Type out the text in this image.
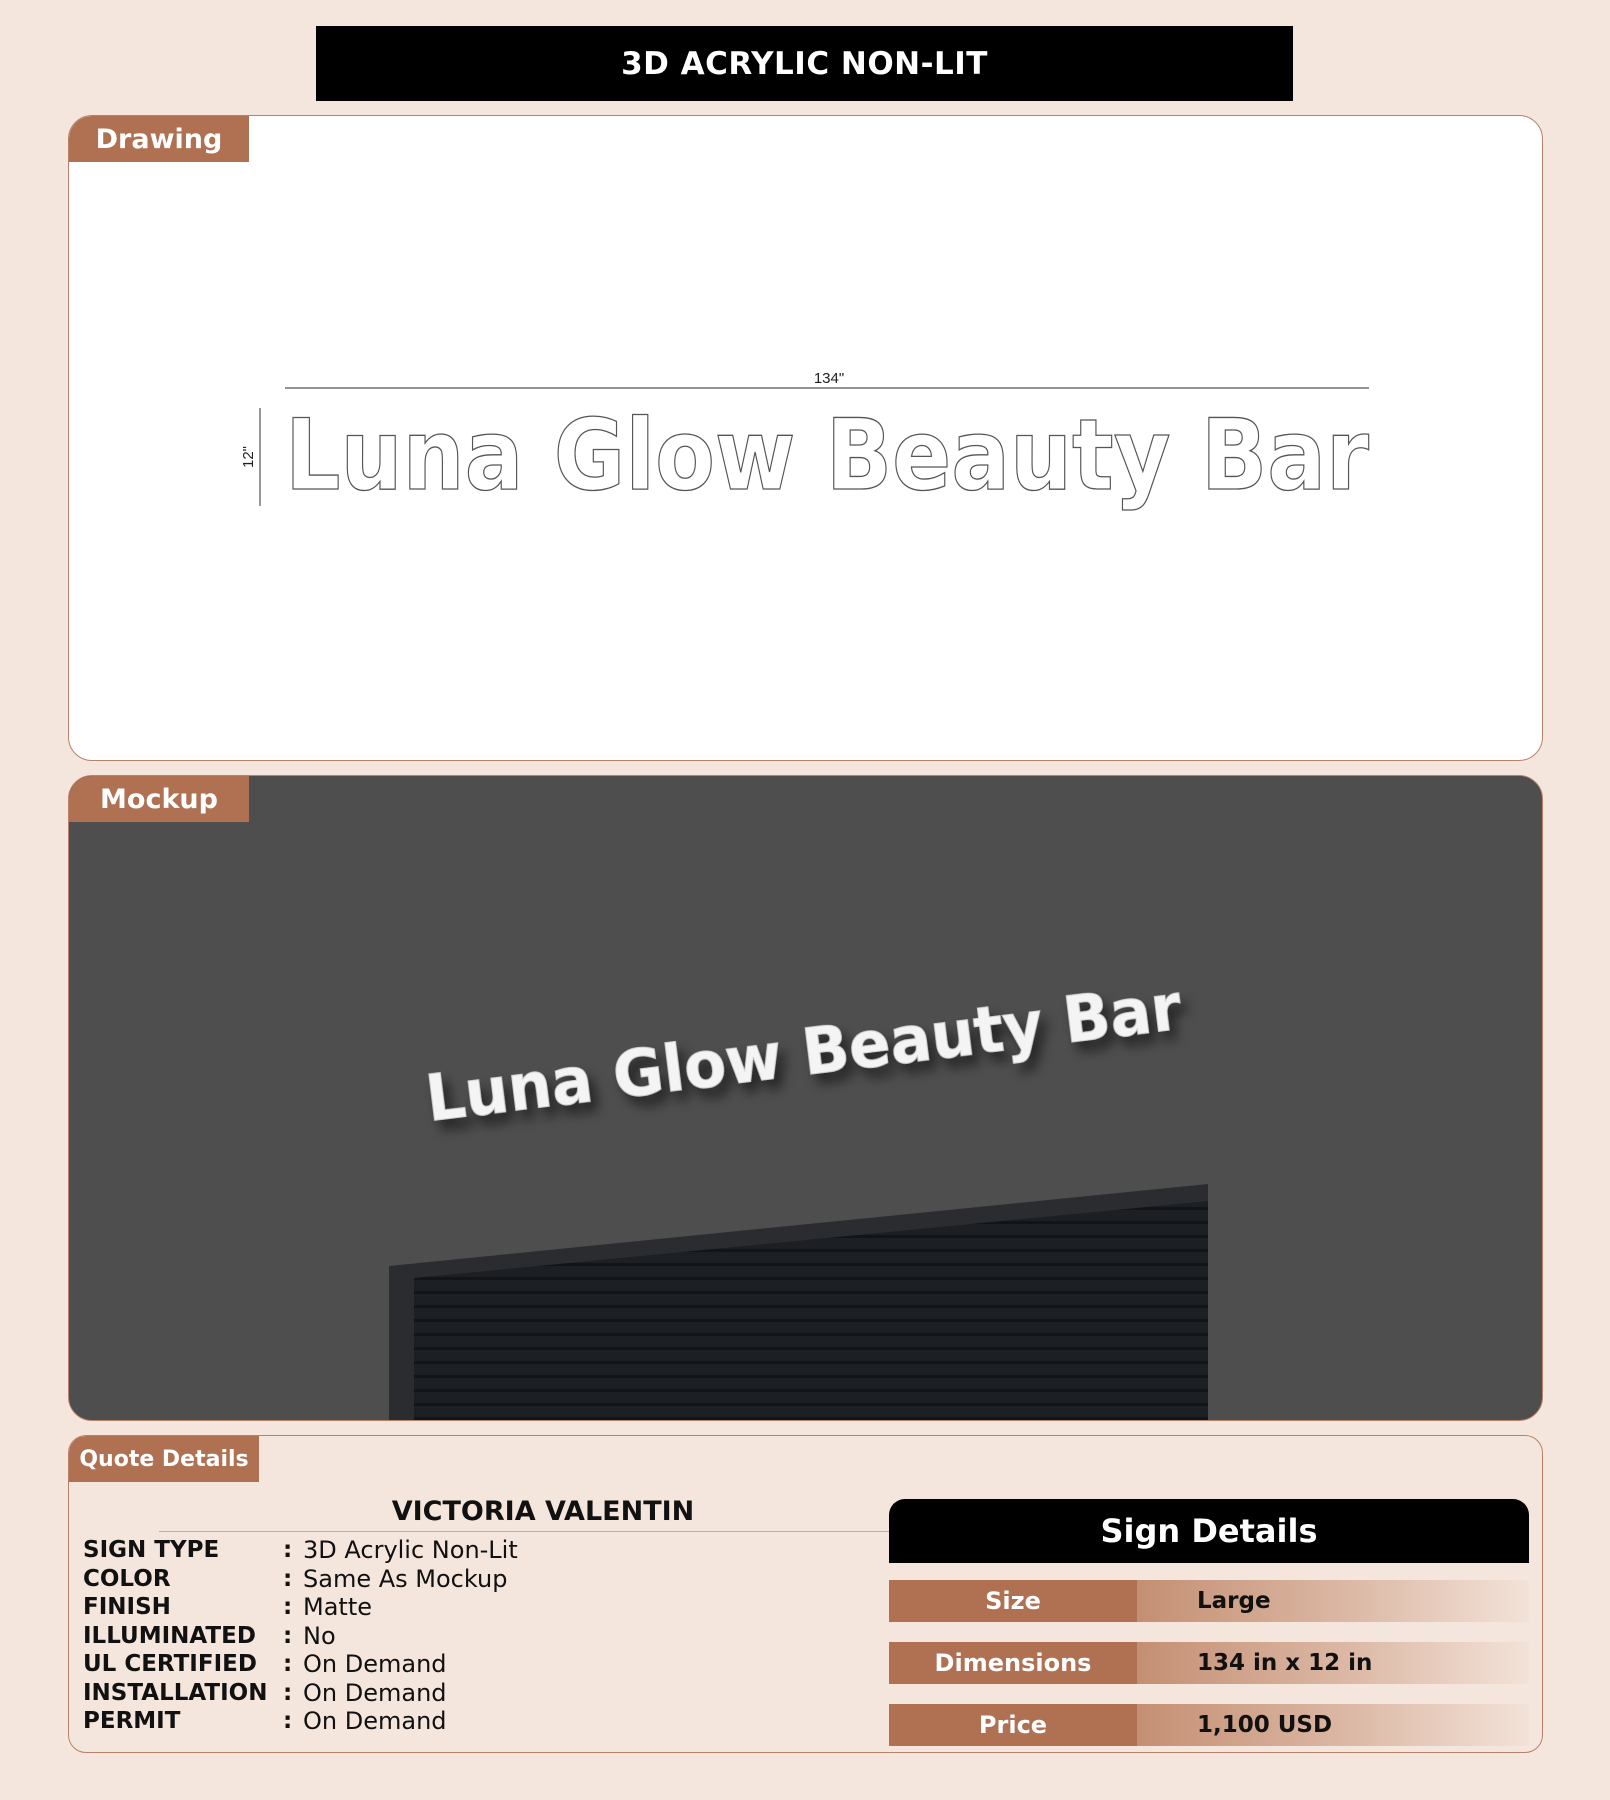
3D ACRYLIC NON-LIT
Drawing
134"
12" Luna Glow Beauty Bar
Mockup
Luna Glow Beauty Bar
Quote Details
VICTORIA VALENTIN
SIGN TYPE	: 3D Acrylic Non-Lit
COLOR	: Same As Mockup
FINISH	: Matte
ILLUMINATED	: No
UL CERTIFIED	: On Demand
INSTALLATION : On Demand
PERMIT	: On Demand
Sign Details
Size	Large
Dimensions	134 in x 12 in
Price	1,100 USD
